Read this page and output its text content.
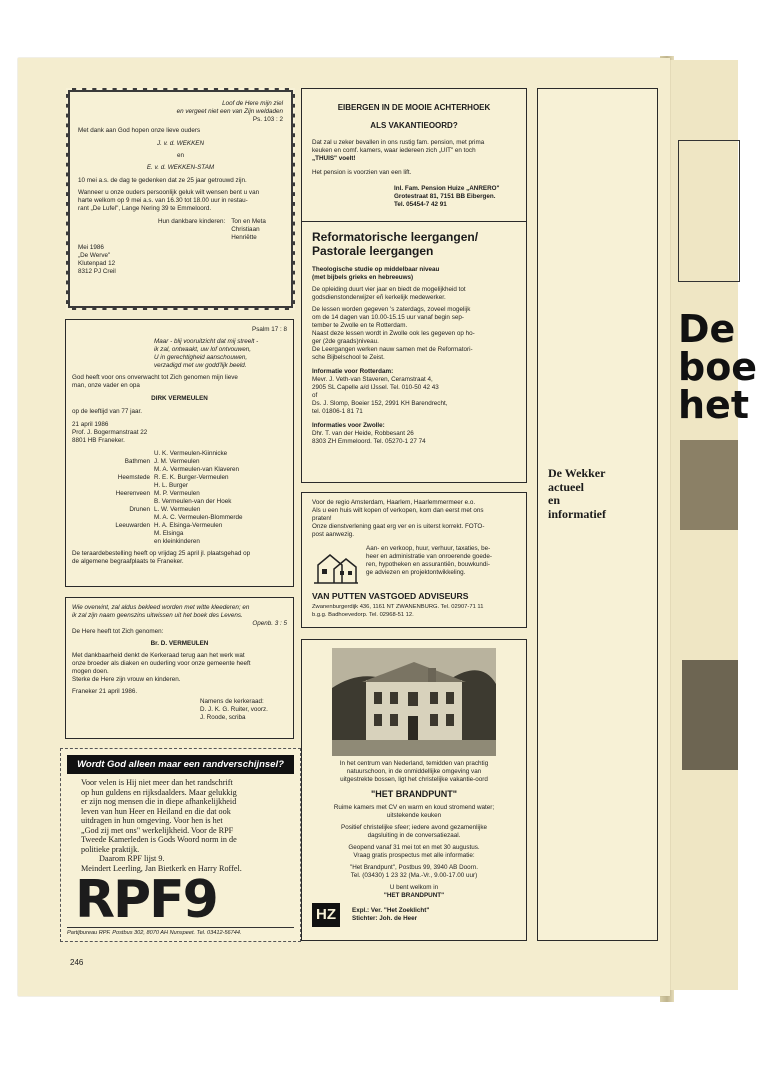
De
boe
het

Loof de Here mijn ziel

en vergeet niet een van Zijn weldaden

Ps. 103 : 2

Met dank aan God hopen onze lieve ouders

J. v. d. WEKKEN

en

E. v. d. WEKKEN-STAM

10 mei a.s. de dag te gedenken dat ze 25 jaar getrouwd zijn.

Wanneer u onze ouders persoonlijk geluk wilt wensen bent u van

harte welkom op 9 mei a.s. van 16.30 tot 18.00 uur in restau-

rant „De Lufel", Lange Nering 39 te Emmeloord.

Hun dankbare kinderen: Ton en Meta

Christiaan

Henriëtte

Mei 1986

„De Werve"

Klutenpad 12

8312 PJ Creil

Psalm 17 : 8

Maar - blij vooruitzicht dat mij streelt -

ik zal, ontwaakt, uw lof ontvouwen,

U in gerechtigheid aanschouwen,

verzadigd met uw godd'lijk beeld.

God heeft voor ons onverwacht tot Zich genomen mijn lieve

man, onze vader en opa

DIRK VERMEULEN

op de leeftijd van 77 jaar.

21 april 1986

Prof. J. Bogermanstraat 22

8801 HB Franeker.

U. K. Vermeulen-Kiinnicke
Bathmen J. M. Vermeulen
M. A. Vermeulen-van Klaveren
Heemstede R. E. K. Burger-Vermeulen
H. L. Burger
Heerenveen M. P. Vermeulen
B. Vermeulen-van der Hoek
Drunen L. W. Vermeulen
M. A. C. Vermeulen-Blommerde
Leeuwarden H. A. Elsinga-Vermeulen
M. Elsinga
en kleinkinderen

De teraardebestelling heeft op vrijdag 25 april jl. plaatsgehad op

de algemene begraafplaats te Franeker.

Wie overwint, zal aldus bekleed worden met witte kleederen; en

ik zal zijn naam geenszins uitwissen uit het boek des Levens.

Openb. 3 : 5

De Here heeft tot Zich genomen:

Br. D. VERMEULEN

Met dankbaarheid denkt de Kerkeraad terug aan het werk wat

onze broeder als diaken en ouderling voor onze gemeente heeft

mogen doen.

Sterke de Here zijn vrouw en kinderen.

Franeker 21 april 1986.

Namens de kerkeraad:

D. J. K. G. Ruiter, voorz.

J. Roode, scriba

Wordt God alleen maar een randverschijnsel?
Voor velen is Hij niet meer dan het randschrift
op hun guldens en rijksdaalders. Maar gelukkig
er zijn nog mensen die in diepe afhankelijkheid
leven van hun Heer en Heiland en die dat ook
uitdragen in hun omgeving. Voor hen is het
„God zij met ons" werkelijkheid. Voor de RPF
Tweede Kamerleden is Gods Woord norm in de
politieke praktijk.
Daarom RPF lijst 9.
Meindert Leerling, Jan Bietkerk en Harry Roffel.
RPF9
Partijbureau RPF. Postbus 302, 8070 AH Nunspeet. Tel. 03412-56744.

EIBERGEN IN DE MOOIE ACHTERHOEK

ALS VAKANTIEOORD?

Dat zal u zeker bevallen in ons rustig fam. pension, met prima

keuken en comf. kamers, waar iedereen zich „UIT" en toch

„THUIS" voelt!

Het pension is voorzien van een lift.

Inl. Fam. Pension Huize „ANRERO"

Grotestraat 81, 7151 BB Eibergen.

Tel. 05454-7 42 91

Reformatorische leergangen/

Pastorale leergangen

Theologische studie op middelbaar niveau

(met bijbels grieks en hebreeuws)

De opleiding duurt vier jaar en biedt de mogelijkheid tot

godsdienstonderwijzer eñ kerkelijk medewerker.

De lessen worden gegeven 's zaterdags, zoveel mogelijk

om de 14 dagen van 10.00-15.15 uur vanaf begin sep-

tember te Zwolle en te Rotterdam.

Naast deze lessen wordt in Zwolle ook les gegeven op ho-

ger (2de graads)niveau.

De Leergangen werken nauw samen met de Reformatori-

sche Bijbelschool te Zeist.

Informatie voor Rotterdam:

Mevr. J. Veth-van Staveren, Ceramstraat 4,

2905 SL Capelle a/d IJssel. Tel. 010-50 42 43

of

Ds. J. Slomp, Boeier 152, 2991 KH Barendrecht,

tel. 01806-1 81 71

Informaties voor Zwolle:

Dhr. T. van der Heide, Robbesant 26

8303 ZH Emmeloord. Tel. 05270-1 27 74

Voor de regio Amsterdam, Haarlem, Haarlemmermeer e.o.

Als u een huis wilt kopen of verkopen, kom dan eerst met ons

praten!

Onze dienstverlening gaat erg ver en is uiterst korrekt. FOTO-

post aanwezig.

Aan- en verkoop, huur, verhuur, taxaties, be-

heer en administratie van onroerende goede-

ren, hypotheken en assurantiën, bouwkundi-

ge adviezen en projektontwikkeling.

VAN PUTTEN VASTGOED ADVISEURS

Zwanenburgerdijk 436, 1161 NT ZWANENBURG. Tel. 02907-71 11

b.g.g. Badhoevedorp. Tel. 02968-51 12.

In het centrum van Nederland, temidden van prachtig

natuurschoon, in de onmiddellijke omgeving van

uitgestrekte bossen, ligt het christelijke vakantie-oord

"HET BRANDPUNT"

Ruime kamers met CV en warm en koud stromend water;

uitstekende keuken

Positief christelijke sfeer; iedere avond gezamenlijke

dagsluiting in de conversatiezaal.

Geopend vanaf 31 mei tot en met 30 augustus.

Vraag gratis prospectus met alle informatie:

"Het Brandpunt", Postbus 99, 3940 AB Doorn.

Tel. (03430) 1 23 32 (Ma.-Vr., 9.00-17.00 uur)

U bent welkom in

"HET BRANDPUNT"

HZ	Expl.: Ver. "Het Zoeklicht"

Stichter: Joh. de Heer

De Wekker
actueel
en
informatief
246
